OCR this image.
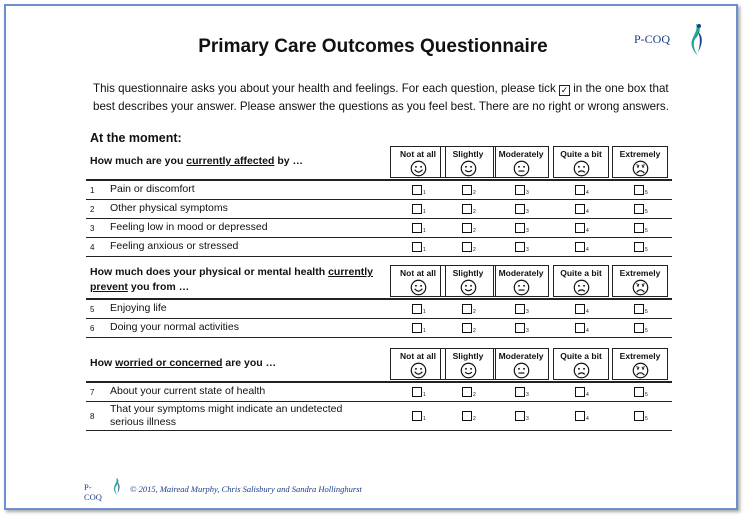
Primary Care Outcomes Questionnaire	P-COQ
This questionnaire asks you about your health and feelings. For each question, please tick ✓ in the one box that best describes your answer. Please answer the questions as you feel best. There are no right or wrong answers.
At the moment:
How much are you currently affected by …
Not at all	Slightly	Moderately	Quite a bit	Extremely
1 Pain or discomfort	1	2	3	4	5
2 Other physical symptoms	1	2	3	4	5
3 Feeling low in mood or depressed	1	2	3	4	5
4 Feeling anxious or stressed	1	2	3	4	5
How much does your physical or mental health currently
prevent you from …
Not at all	Slightly	Moderately	Quite a bit	Extremely
5 Enjoying life	1	2	3	4	5
6 Doing your normal activities	1	2	3	4	5
How worried or concerned are you …
Not at all	Slightly	Moderately	Quite a bit	Extremely
7 About your current state of health	1	2	3	4	5
8
That your symptoms might indicate an undetected serious illness	1	2	3	4	5
P-COQ
© 2015, Mairead Murphy, Chris Salisbury and Sandra Hollinghurst
